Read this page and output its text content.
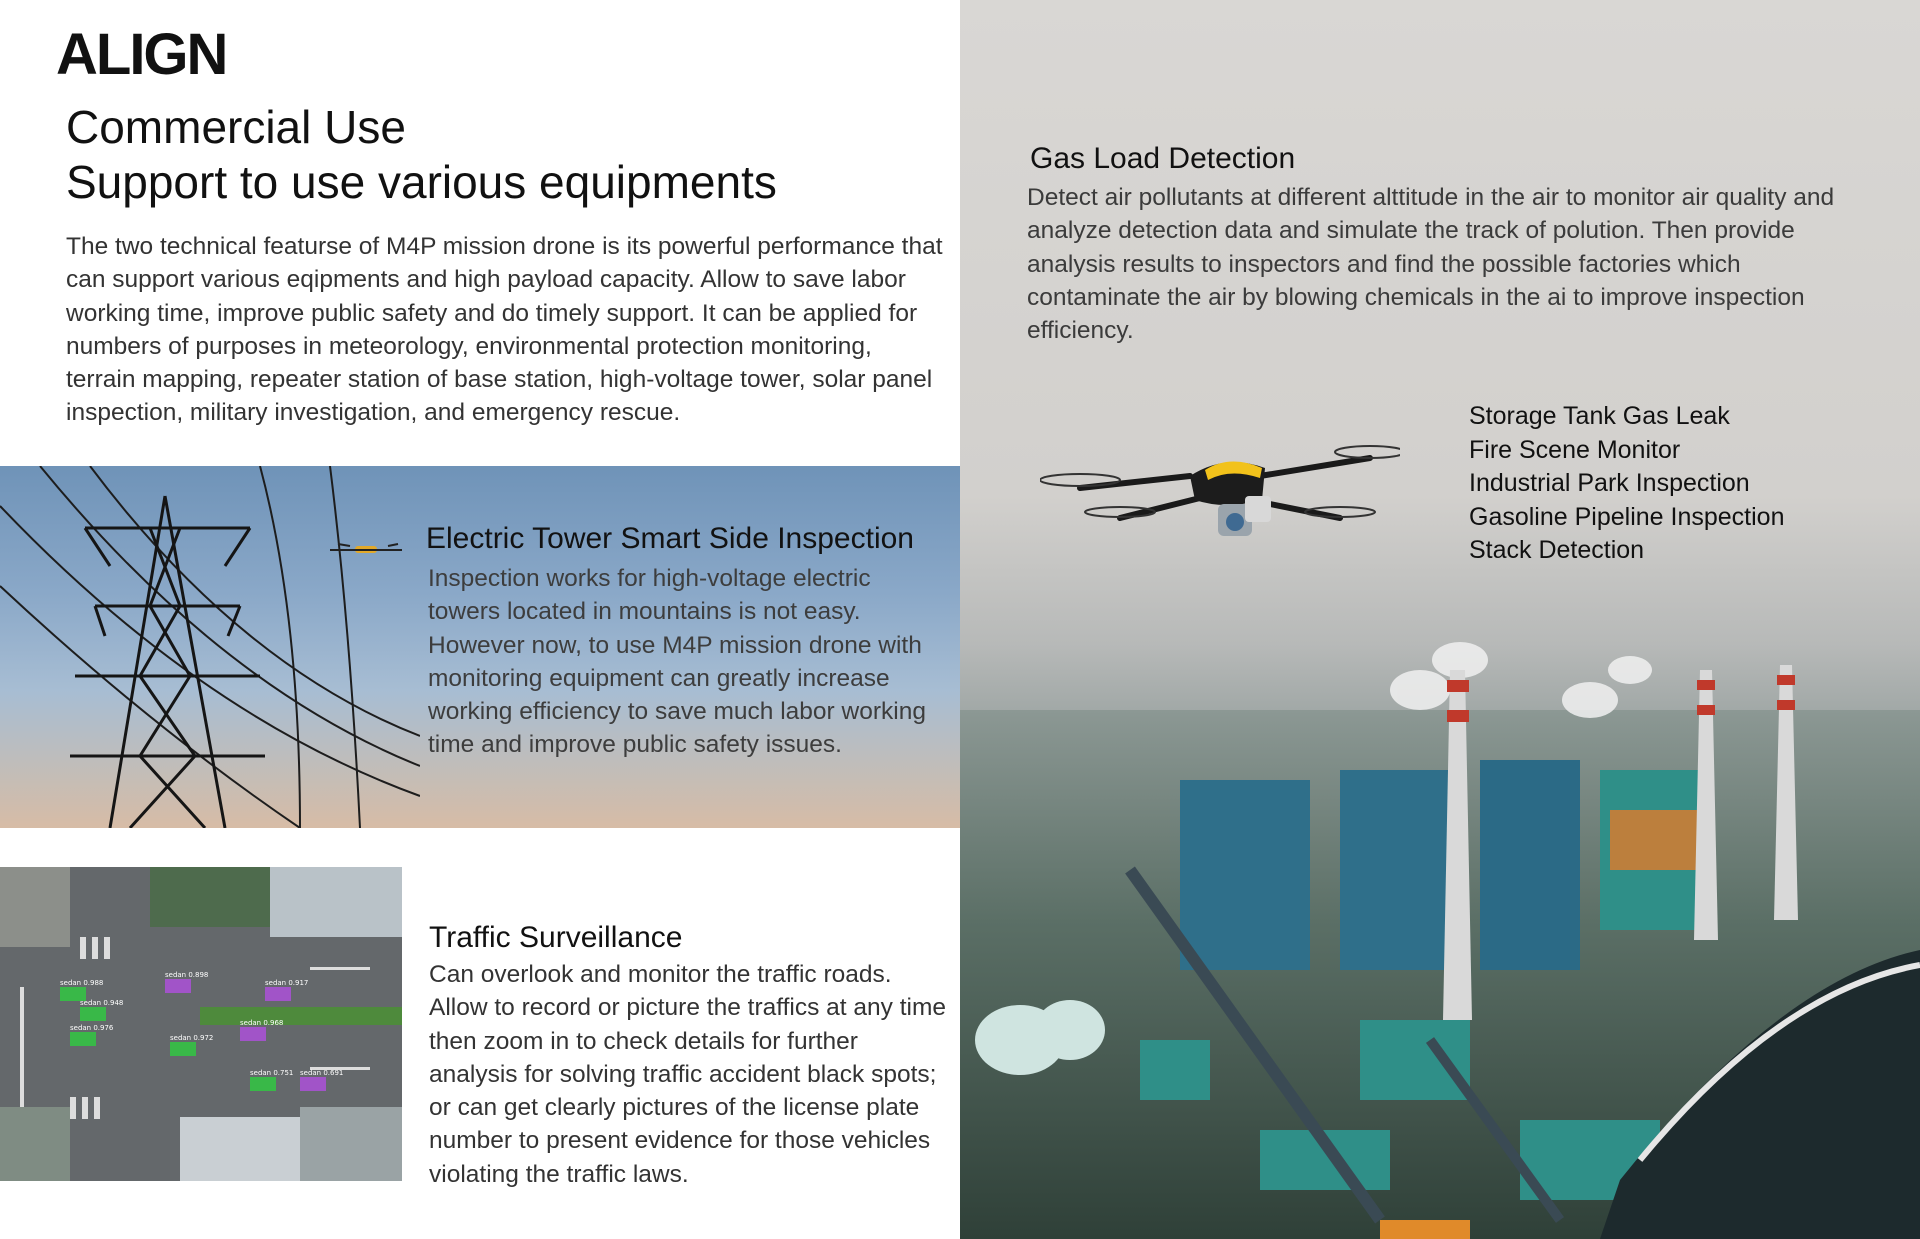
ALIGN
Commercial Use
Support to use various equipments

The two technical featurse of M4P mission drone is its powerful performance that can support various eqipments and high payload capacity. Allow to save labor working time, improve public safety and do timely support. It can be applied for numbers of purposes in meteorology, environmental protection monitoring, terrain mapping, repeater station of base station, high-voltage tower, solar panel inspection, military investigation, and emergency rescue.

Electric Tower Smart Side Inspection

Inspection works for high-voltage electric towers located in mountains is not easy. However now, to use M4P mission drone with monitoring equipment can greatly increase working efficiency to save much labor working time and improve public safety issues.

sedan 0.988
sedan 0.898
sedan 0.948
sedan 0.917
sedan 0.976
sedan 0.968
sedan 0.972
sedan 0.751 sedan 0.691
Traffic Surveillance

Can overlook and monitor the traffic roads. Allow to record or picture the traffics at any time then zoom in to check details for further analysis for solving traffic accident black spots; or can get clearly pictures of the license plate number to present evidence for those vehicles violating the traffic laws.

Gas Load Detection

Detect air pollutants at different alttitude in the air to monitor air quality and analyze detection data and simulate the track of polution. Then provide analysis results to inspectors and find the possible factories which contaminate the air by blowing chemicals in the ai to improve inspection efficiency.

Storage Tank Gas Leak
Fire Scene Monitor
Industrial Park Inspection
Gasoline Pipeline Inspection
Stack Detection
